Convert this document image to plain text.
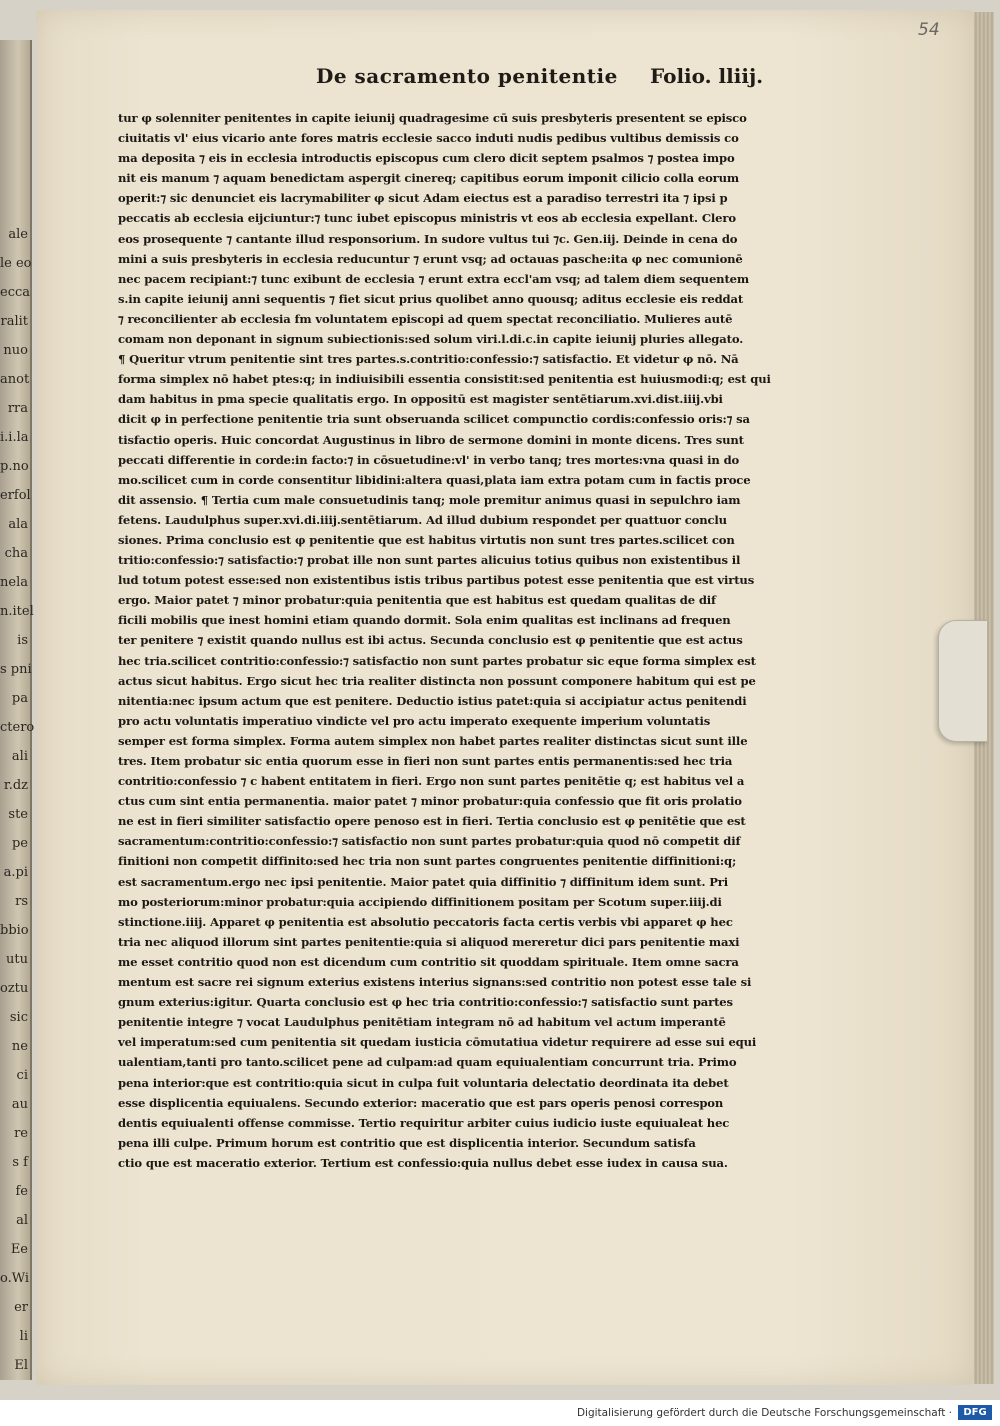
ale
le eo
ecca
ralit
nuo
anot
rra
i.i.la
p.no
erfol
ala
cha
nela
n.itel
is
s pni
pa
ctero
ali
r.dz
ste
pe
a.pi
rs
bbio
utu
oztu
sic
ne
ci
au
re
s f
fe
al
Ee
o.Wi
er
li
El
54
De sacramento penitentie Folio. lliij.
tur φ solenniter penitentes in capite ieiunij quadragesime cū suis presbyteris presentent se episco
ciuitatis vl' eius vicario ante fores matris ecclesie sacco induti nudis pedibus vultibus demissis co
ma deposita ⁊ eis in ecclesia introductis episcopus cum clero dicit septem psalmos ⁊ postea impo
nit eis manum ⁊ aquam benedictam aspergit cinereq; capitibus eorum imponit cilicio colla eorum
operit:⁊ sic denunciet eis lacrymabiliter φ sicut Adam eiectus est a paradiso terrestri ita ⁊ ipsi p
peccatis ab ecclesia eijciuntur:⁊ tunc iubet episcopus ministris vt eos ab ecclesia expellant. Clero
eos prosequente ⁊ cantante illud responsorium. In sudore vultus tui ⁊c. Gen.iij. Deinde in cena do
mini a suis presbyteris in ecclesia reducuntur ⁊ erunt vsq; ad octauas pasche:ita φ nec comunionē
nec pacem recipiant:⁊ tunc exibunt de ecclesia ⁊ erunt extra eccl'am vsq; ad talem diem sequentem
s.in capite ieiunij anni sequentis ⁊ fiet sicut prius quolibet anno quousq; aditus ecclesie eis reddat
⁊ reconcilienter ab ecclesia fm voluntatem episcopi ad quem spectat reconciliatio. Mulieres autē
comam non deponant in signum subiectionis:sed solum viri.l.di.c.in capite ieiunij pluries allegato.
¶ Queritur vtrum penitentie sint tres partes.s.contritio:confessio:⁊ satisfactio. Et videtur φ nō. Nā
forma simplex nō habet ptes:q; in indiuisibili essentia consistit:sed penitentia est huiusmodi:q; est qui
dam habitus in pma specie qualitatis ergo. In oppositū est magister sentētiarum.xvi.dist.iiij.vbi
dicit φ in perfectione penitentie tria sunt obseruanda scilicet compunctio cordis:confessio oris:⁊ sa
tisfactio operis. Huic concordat Augustinus in libro de sermone domini in monte dicens. Tres sunt
peccati differentie in corde:in facto:⁊ in cōsuetudine:vl' in verbo tanq; tres mortes:vna quasi in do
mo.scilicet cum in corde consentitur libidini:altera quasi,plata iam extra potam cum in factis proce
dit assensio. ¶ Tertia cum male consuetudinis tanq; mole premitur animus quasi in sepulchro iam
fetens. Laudulphus super.xvi.di.iiij.sentētiarum. Ad illud dubium respondet per quattuor conclu
siones. Prima conclusio est φ penitentie que est habitus virtutis non sunt tres partes.scilicet con
tritio:confessio:⁊ satisfactio:⁊ probat ille non sunt partes alicuius totius quibus non existentibus il
lud totum potest esse:sed non existentibus istis tribus partibus potest esse penitentia que est virtus
ergo. Maior patet ⁊ minor probatur:quia penitentia que est habitus est quedam qualitas de dif
ficili mobilis que inest homini etiam quando dormit. Sola enim qualitas est inclinans ad frequen
ter penitere ⁊ existit quando nullus est ibi actus. Secunda conclusio est φ penitentie que est actus
hec tria.scilicet contritio:confessio:⁊ satisfactio non sunt partes probatur sic eque forma simplex est
actus sicut habitus. Ergo sicut hec tria realiter distincta non possunt componere habitum qui est pe
nitentia:nec ipsum actum que est penitere. Deductio istius patet:quia si accipiatur actus penitendi
pro actu voluntatis imperatiuo vindicte vel pro actu imperato exequente imperium voluntatis
semper est forma simplex. Forma autem simplex non habet partes realiter distinctas sicut sunt ille
tres. Item probatur sic entia quorum esse in fieri non sunt partes entis permanentis:sed hec tria
contritio:confessio ⁊ c habent entitatem in fieri. Ergo non sunt partes penitētie q; est habitus vel a
ctus cum sint entia permanentia. maior patet ⁊ minor probatur:quia confessio que fit oris prolatio
ne est in fieri similiter satisfactio opere penoso est in fieri. Tertia conclusio est φ penitētie que est
sacramentum:contritio:confessio:⁊ satisfactio non sunt partes probatur:quia quod nō competit dif
finitioni non competit diffinito:sed hec tria non sunt partes congruentes penitentie diffinitioni:q;
est sacramentum.ergo nec ipsi penitentie. Maior patet quia diffinitio ⁊ diffinitum idem sunt. Pri
mo posteriorum:minor probatur:quia accipiendo diffinitionem positam per Scotum super.iiij.di
stinctione.iiij. Apparet φ penitentia est absolutio peccatoris facta certis verbis vbi apparet φ hec
tria nec aliquod illorum sint partes penitentie:quia si aliquod mereretur dici pars penitentie maxi
me esset contritio quod non est dicendum cum contritio sit quoddam spirituale. Item omne sacra
mentum est sacre rei signum exterius existens interius signans:sed contritio non potest esse tale si
gnum exterius:igitur. Quarta conclusio est φ hec tria contritio:confessio:⁊ satisfactio sunt partes
penitentie integre ⁊ vocat Laudulphus penitētiam integram nō ad habitum vel actum imperantē
vel imperatum:sed cum penitentia sit quedam iusticia cōmutatiua videtur requirere ad esse sui equi
ualentiam,tanti pro tanto.scilicet pene ad culpam:ad quam equiualentiam concurrunt tria. Primo
pena interior:que est contritio:quia sicut in culpa fuit voluntaria delectatio deordinata ita debet
esse displicentia equiualens. Secundo exterior: maceratio que est pars operis penosi correspon
dentis equiualenti offense commisse. Tertio requiritur arbiter cuius iudicio iuste equiualeat hec
pena illi culpe. Primum horum est contritio que est displicentia interior. Secundum satisfa
ctio que est maceratio exterior. Tertium est confessio:quia nullus debet esse iudex in causa sua.
Digitalisierung gefördert durch die Deutsche Forschungsgemeinschaft ·	DFG
